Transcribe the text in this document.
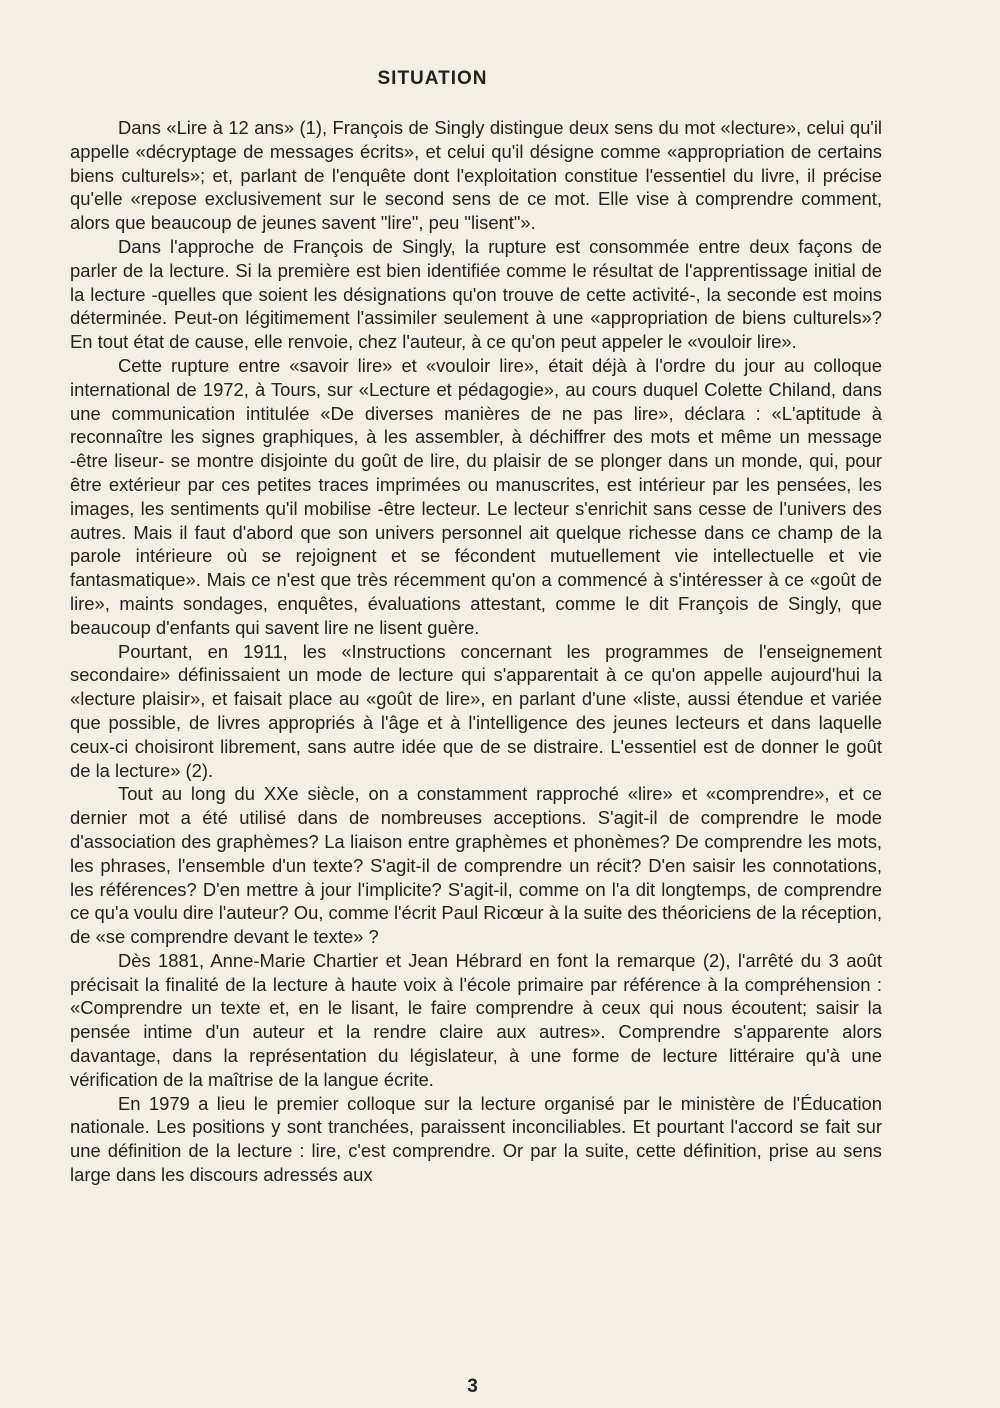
SITUATION

Dans «Lire à 12 ans» (1), François de Singly distingue deux sens du mot «lecture», celui qu'il appelle «décryptage de messages écrits», et celui qu'il désigne comme «appropriation de certains biens culturels»; et, parlant de l'enquête dont l'exploitation constitue l'essentiel du livre, il précise qu'elle «repose exclusivement sur le second sens de ce mot. Elle vise à comprendre comment, alors que beaucoup de jeunes savent "lire", peu "lisent"».

Dans l'approche de François de Singly, la rupture est consommée entre deux façons de parler de la lecture. Si la première est bien identifiée comme le résultat de l'apprentissage initial de la lecture -quelles que soient les désignations qu'on trouve de cette activité-, la seconde est moins déterminée. Peut-on légitimement l'assimiler seulement à une «appropriation de biens culturels»? En tout état de cause, elle renvoie, chez l'auteur, à ce qu'on peut appeler le «vouloir lire».

Cette rupture entre «savoir lire» et «vouloir lire», était déjà à l'ordre du jour au colloque international de 1972, à Tours, sur «Lecture et pédagogie», au cours duquel Colette Chiland, dans une communication intitulée «De diverses manières de ne pas lire», déclara : «L'aptitude à reconnaître les signes graphiques, à les assembler, à déchiffrer des mots et même un message -être liseur- se montre disjointe du goût de lire, du plaisir de se plonger dans un monde, qui, pour être extérieur par ces petites traces imprimées ou manuscrites, est intérieur par les pensées, les images, les sentiments qu'il mobilise -être lecteur. Le lecteur s'enrichit sans cesse de l'univers des autres. Mais il faut d'abord que son univers personnel ait quelque richesse dans ce champ de la parole intérieure où se rejoignent et se fécondent mutuellement vie intellectuelle et vie fantasmatique». Mais ce n'est que très récemment qu'on a commencé à s'intéresser à ce «goût de lire», maints sondages, enquêtes, évaluations attestant, comme le dit François de Singly, que beaucoup d'enfants qui savent lire ne lisent guère.

Pourtant, en 1911, les «Instructions concernant les programmes de l'enseignement secondaire» définissaient un mode de lecture qui s'apparentait à ce qu'on appelle aujourd'hui la «lecture plaisir», et faisait place au «goût de lire», en parlant d'une «liste, aussi étendue et variée que possible, de livres appropriés à l'âge et à l'intelligence des jeunes lecteurs et dans laquelle ceux-ci choisiront librement, sans autre idée que de se distraire. L'essentiel est de donner le goût de la lecture» (2).

Tout au long du XXe siècle, on a constamment rapproché «lire» et «comprendre», et ce dernier mot a été utilisé dans de nombreuses acceptions. S'agit-il de comprendre le mode d'association des graphèmes? La liaison entre graphèmes et phonèmes? De comprendre les mots, les phrases, l'ensemble d'un texte? S'agit-il de comprendre un récit? D'en saisir les connotations, les références? D'en mettre à jour l'implicite? S'agit-il, comme on l'a dit longtemps, de comprendre ce qu'a voulu dire l'auteur? Ou, comme l'écrit Paul Ricœur à la suite des théoriciens de la réception, de «se comprendre devant le texte» ?

Dès 1881, Anne-Marie Chartier et Jean Hébrard en font la remarque (2), l'arrêté du 3 août précisait la finalité de la lecture à haute voix à l'école primaire par référence à la compréhension : «Comprendre un texte et, en le lisant, le faire comprendre à ceux qui nous écoutent; saisir la pensée intime d'un auteur et la rendre claire aux autres». Comprendre s'apparente alors davantage, dans la représentation du législateur, à une forme de lecture littéraire qu'à une vérification de la maîtrise de la langue écrite.

En 1979 a lieu le premier colloque sur la lecture organisé par le ministère de l'Éducation nationale. Les positions y sont tranchées, paraissent inconciliables. Et pourtant l'accord se fait sur une définition de la lecture : lire, c'est comprendre. Or par la suite, cette définition, prise au sens large dans les discours adressés aux

3
